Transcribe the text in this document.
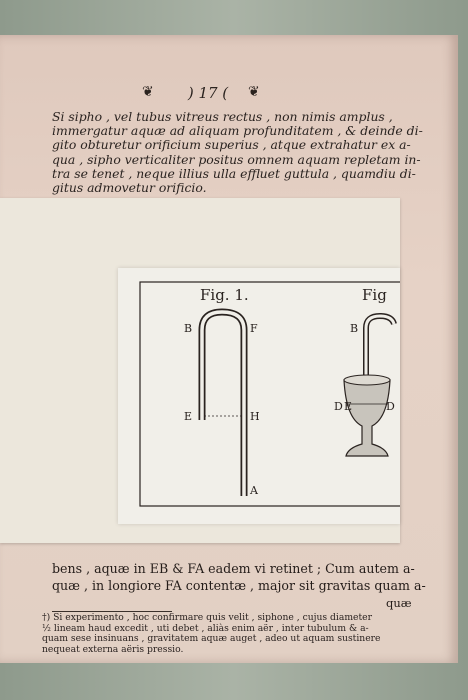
❦ ) 17 ( ❦
Si sipho , vel tubus vitreus rectus , non nimis amplus ,
immergatur aquæ ad aliquam profunditatem , & deinde di-
gito obturetur orificium superius , atque extrahatur ex a-
qua , sipho verticaliter positus omnem aquam repletam in-
tra se tenet , neque illius ulla effluet guttula , quamdiu di-
gitus admovetur orificio.
Fig. 1.	Fig
B	F
E	H
A
B
D E	D
bens , aquæ in EB & FA eadem vi retinet ; Cum autem a-
quæ , in longiore FA contentæ , major sit gravitas quam a-
quæ
†) Si experimento , hoc confirmare quis velit , siphone , cujus diameter
½ lineam haud excedit , uti debet , aliàs enim aër , inter tubulum & a-
quam sese insinuans , gravitatem aquæ auget , adeo ut aquam sustinere
nequeat externa aëris pressio.
